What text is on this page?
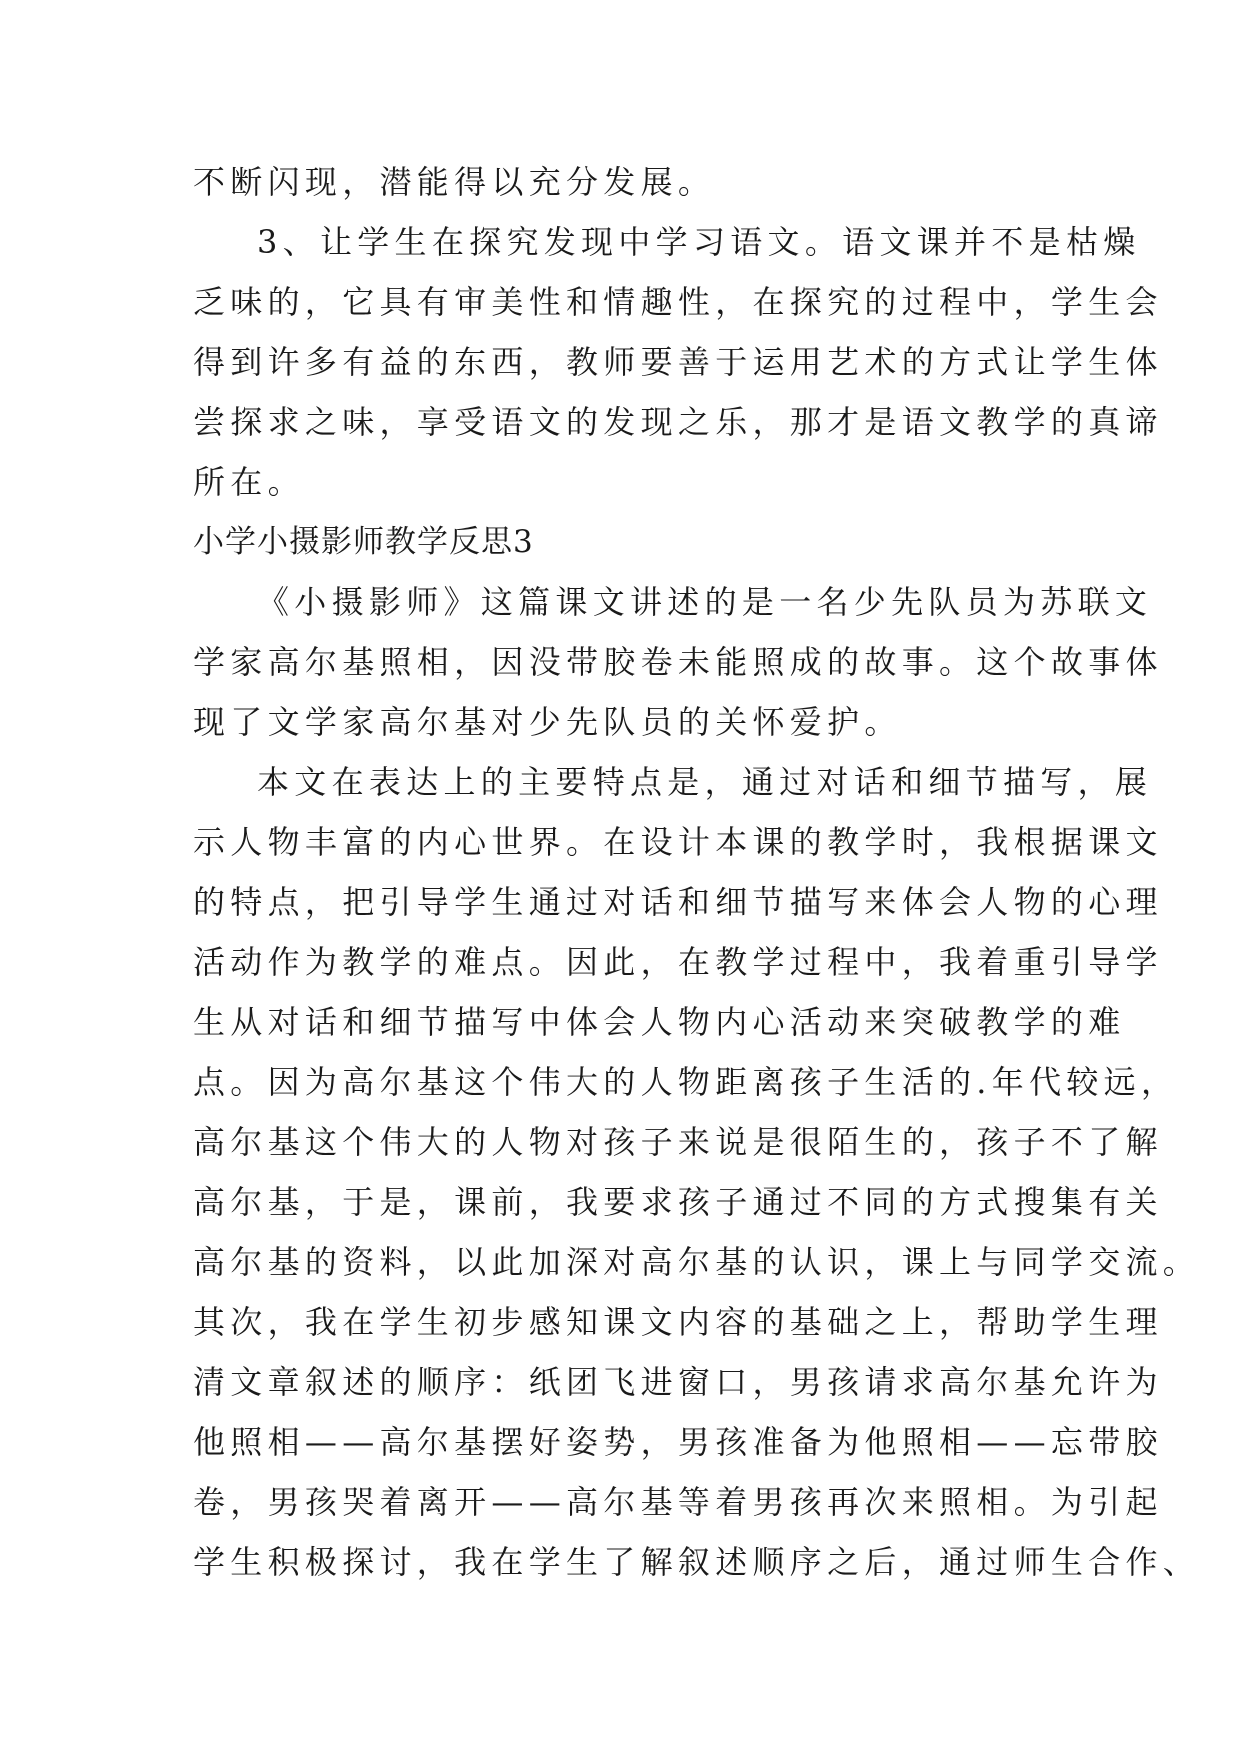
不断闪现，潜能得以充分发展。
3、让学生在探究发现中学习语文。语文课并不是枯燥
乏味的，它具有审美性和情趣性，在探究的过程中，学生会
得到许多有益的东西，教师要善于运用艺术的方式让学生体
尝探求之味，享受语文的发现之乐，那才是语文教学的真谛
所在。
小学小摄影师教学反思3
《小摄影师》这篇课文讲述的是一名少先队员为苏联文
学家高尔基照相，因没带胶卷未能照成的故事。这个故事体
现了文学家高尔基对少先队员的关怀爱护。
本文在表达上的主要特点是，通过对话和细节描写，展
示人物丰富的内心世界。在设计本课的教学时，我根据课文
的特点，把引导学生通过对话和细节描写来体会人物的心理
活动作为教学的难点。因此，在教学过程中，我着重引导学
生从对话和细节描写中体会人物内心活动来突破教学的难
点。因为高尔基这个伟大的人物距离孩子生活的.年代较远，
高尔基这个伟大的人物对孩子来说是很陌生的，孩子不了解
高尔基，于是，课前，我要求孩子通过不同的方式搜集有关
高尔基的资料，以此加深对高尔基的认识，课上与同学交流。
其次，我在学生初步感知课文内容的基础之上，帮助学生理
清文章叙述的顺序：纸团飞进窗口，男孩请求高尔基允许为
他照相——高尔基摆好姿势，男孩准备为他照相——忘带胶
卷，男孩哭着离开——高尔基等着男孩再次来照相。为引起
学生积极探讨，我在学生了解叙述顺序之后，通过师生合作、
